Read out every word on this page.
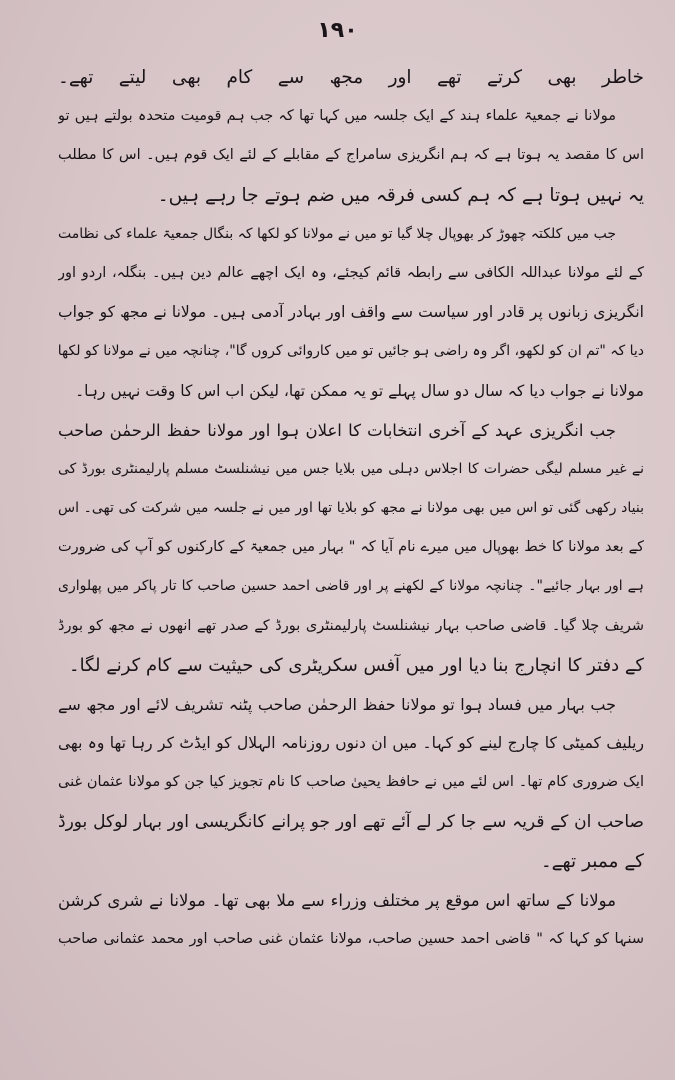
۱۹۰
خاطر بھی کرتے تھے اور مجھ سے کام بھی لیتے تھے۔
مولانا نے جمعیۃ علماء ہند کے ایک جلسہ میں کہا تھا کہ جب ہم قومیت متحدہ بولتے ہیں تو
اس کا مقصد یہ ہوتا ہے کہ ہم انگریزی سامراج کے مقابلے کے لئے ایک قوم ہیں۔ اس کا مطلب
یہ نہیں ہوتا ہے کہ ہم کسی فرقہ میں ضم ہوتے جا رہے ہیں۔
جب میں کلکتہ چھوڑ کر بھوپال چلا گیا تو میں نے مولانا کو لکھا کہ بنگال جمعیۃ علماء کی نظامت
کے لئے مولانا عبداللہ الکافی سے رابطہ قائم کیجئے، وہ ایک اچھے عالم دین ہیں۔ بنگلہ، اردو اور
انگریزی زبانوں پر قادر اور سیاست سے واقف اور بہادر آدمی ہیں۔ مولانا نے مجھ کو جواب
دیا کہ "تم ان کو لکھو، اگر وہ راضی ہو جائیں تو میں کاروائی کروں گا"، چنانچہ میں نے مولانا کو لکھا
مولانا نے جواب دیا کہ سال دو سال پہلے تو یہ ممکن تھا، لیکن اب اس کا وقت نہیں رہا۔
جب انگریزی عہد کے آخری انتخابات کا اعلان ہوا اور مولانا حفظ الرحمٰن صاحب
نے غیر مسلم لیگی حضرات کا اجلاس دہلی میں بلایا جس میں نیشنلسٹ مسلم پارلیمنٹری بورڈ کی
بنیاد رکھی گئی تو اس میں بھی مولانا نے مجھ کو بلایا تھا اور میں نے جلسہ میں شرکت کی تھی۔ اس
کے بعد مولانا کا خط بھوپال میں میرے نام آیا کہ " بہار میں جمعیۃ کے کارکنوں کو آپ کی ضرورت
ہے اور بہار جائیے"۔ چنانچہ مولانا کے لکھنے پر اور قاضی احمد حسین صاحب کا تار پاکر میں پھلواری
شریف چلا گیا۔ قاضی صاحب بہار نیشنلسٹ پارلیمنٹری بورڈ کے صدر تھے انھوں نے مجھ کو بورڈ
کے دفتر کا انچارج بنا دیا اور میں آفس سکریٹری کی حیثیت سے کام کرنے لگا۔
جب بہار میں فساد ہوا تو مولانا حفظ الرحمٰن صاحب پٹنہ تشریف لائے اور مجھ سے
ریلیف کمیٹی کا چارج لینے کو کہا۔ میں ان دنوں روزنامہ الہلال کو ایڈٹ کر رہا تھا وہ بھی
ایک ضروری کام تھا۔ اس لئے میں نے حافظ یحییٰ صاحب کا نام تجویز کیا جن کو مولانا عثمان غنی
صاحب ان کے قریہ سے جا کر لے آئے تھے اور جو پرانے کانگریسی اور بہار لوکل بورڈ
کے ممبر تھے۔
مولانا کے ساتھ اس موقع پر مختلف وزراء سے ملا بھی تھا۔ مولانا نے شری کرشن
سنہا کو کہا کہ " قاضی احمد حسین صاحب، مولانا عثمان غنی صاحب اور محمد عثمانی صاحب
